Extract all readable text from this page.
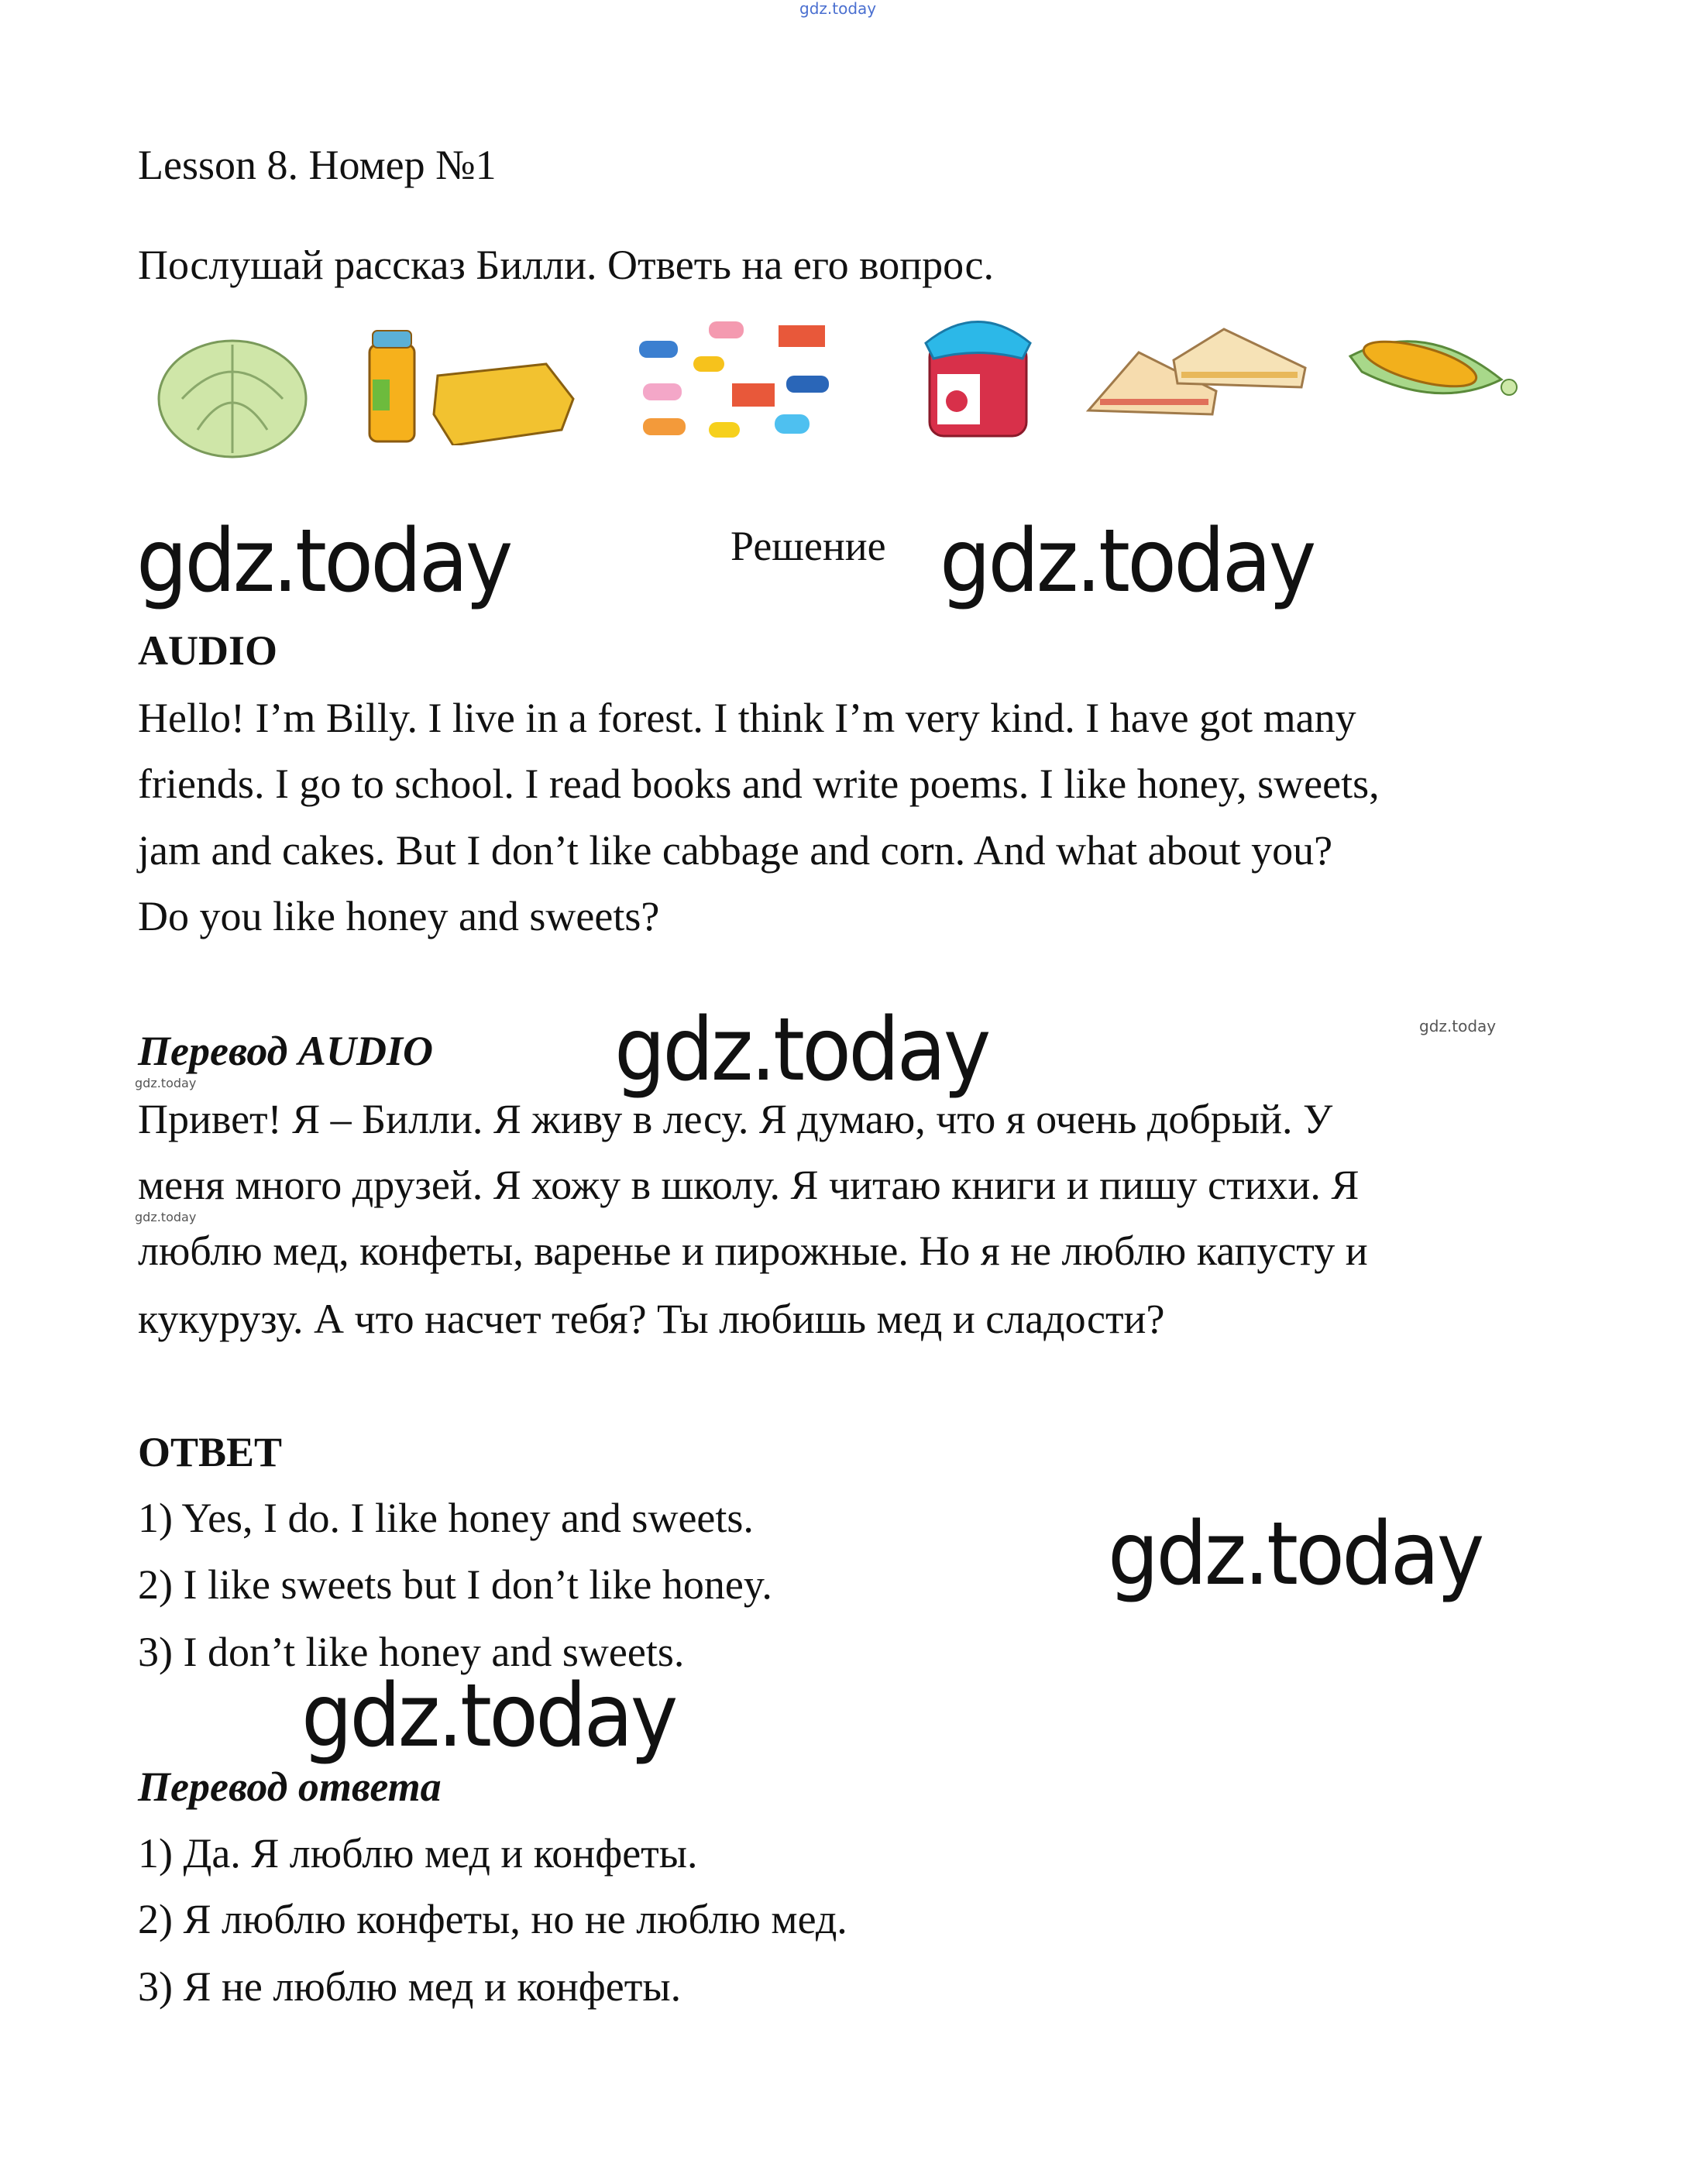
gdz.today
Lesson 8. Номер №1
Послушай рассказ Билли. Ответь на его вопрос.
gdz.today	Решение gdz.today
AUDIO
Hello! I’m Billy. I live in a forest. I think I’m very kind. I have got many
friends. I go to school. I read books and write poems. I like honey, sweets,
jam and cakes. But I don’t like cabbage and corn. And what about you?
Do you like honey and sweets?
Перевод AUDIO gdz.today	gdz.today
gdz.today
Привет! Я – Билли. Я живу в лесу. Я думаю, что я очень добрый. У
меня много друзей. Я хожу в школу. Я читаю книги и пишу стихи. Я
gdz.today
люблю мед, конфеты, варенье и пирожные. Но я не люблю капусту и
кукурузу. А что насчет тебя? Ты любишь мед и сладости?
ОТВЕТ
1) Yes, I do. I like honey and sweets.
2) I like sweets but I don’t like honey.
3) I don’t like honey and sweets.
gdz.today
gdz.today
Перевод ответа
1) Да. Я люблю мед и конфеты.
2) Я люблю конфеты, но не люблю мед.
3) Я не люблю мед и конфеты.
